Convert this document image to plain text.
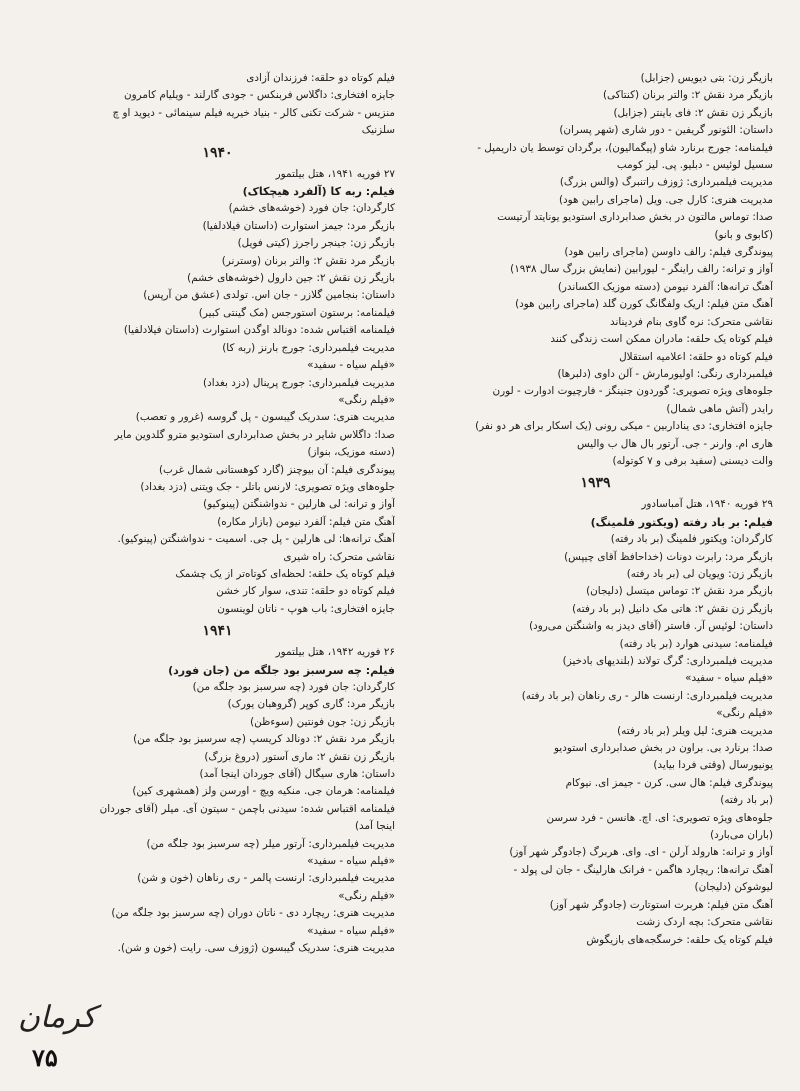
بازیگر زن: بتی دیویس (جزابل)
بازیگر مرد نقش ۲: والتر برنان (کنتاکی)
بازیگر زن نقش ۲: فای باینتر (جزابل)
داستان: الئونور گریفین - دور شاری (شهر پسران)
فیلمنامه: جورج برنارد شاو (پیگمالیون)، برگردان توسط یان داریمپل -
سسیل لوئیس - دبلیو. پی. لیز کومب
مدیریت فیلمبرداری: ژوزف راتنبرگ (والس بزرگ)
مدیریت هنری: کارل جی. ویل (ماجرای رابین هود)
صدا: توماس مالتون در بخش صدابرداری استودیو یونایتد آرتیست
(کابوی و بانو)
پیوندگری فیلم: رالف داوسن (ماجرای رابین هود)
آواز و ترانه: رالف راینگر - لیورابین (نمایش بزرگ سال ۱۹۳۸)
آهنگ ترانه‌ها: آلفرد نیومن (دسته موزیک الکساندر)
آهنگ متن فیلم: اریک ولفگانگ کورن گلد (ماجرای رابین هود)
نقاشی متحرک: نره گاوی بنام فردیناند
فیلم کوتاه یک حلقه: مادران ممکن است زندگی کنند
فیلم کوتاه دو حلقه: اعلامیه استقلال
فیلمبرداری رنگی: اولیورمارش - آلن داوی (دلبرها)
جلوه‌های ویژه تصویری: گوردون جنینگز - فارچیوت ادوارت - لورن
رایدر (آتش ماهی شمال)
جایزه افتخاری: دی یناداربین - میکی رونی (یک اسکار برای هر دو نفر)
هاری ام. وارنر - جی. آرتور بال هال ب والیس
والت دیسنی (سفید برفی و ۷ کوتوله)
۱۹۳۹
۲۹ فوریه ۱۹۴۰، هتل آمباسادور
فیلم: بر باد رفته (ویکتور فلمینگ)
کارگردان: ویکتور فلمینگ (بر باد رفته)
بازیگر مرد: رابرت دونات (خداحافظ آقای چیپس)
بازیگر زن: ویویان لی (بر باد رفته)
بازیگر مرد نقش ۲: توماس میتسل (دلیجان)
بازیگر زن نقش ۲: هاتی مک دانیل (بر باد رفته)
داستان: لوئیس آر. فاستر (آقای دیدز به واشنگتن می‌رود)
فیلمنامه: سیدنی هوارد (بر باد رفته)
مدیریت فیلمبرداری: گرگ تولاند (بلندیهای بادخیز)
«فیلم سیاه - سفید»
مدیریت فیلمبرداری: ارنست هالر - ری رناهان (بر باد رفته)
«فیلم رنگی»
مدیریت هنری: لیل ویلر (بر باد رفته)
صدا: برنارد بی. براون در بخش صدابرداری استودیو
یونیورسال (وقتی فردا بیاید)
پیوندگری فیلم: هال سی. کرن - جیمز ای. نیوکام
(بر باد رفته)
جلوه‌های ویژه تصویری: ای. اچ. هانسن - فرد سرسن
(باران می‌بارد)
آواز و ترانه: هارولد آرلن - ای. وای. هربرگ (جادوگر شهر آوز)
آهنگ ترانه‌ها: ریچارد هاگمن - فرانک هارلینگ - جان لی پولد -
لیوشوکن (دلیجان)
آهنگ متن فیلم: هربرت استوتارت (جادوگر شهر آوز)
نقاشی متحرک: بچه اردک زشت
فیلم کوتاه یک حلقه: خرسگجه‌های بازیگوش
فیلم کوتاه دو حلقه: فرزندان آزادی
جایزه افتخاری: داگلاس فربنکس - جودی گارلند - ویلیام کامرون
منزیس - شرکت تکنی کالر - بنیاد خیریه فیلم سینمائی - دیوید او چ
سلزنیک
۱۹۴۰
۲۷ فوریه ۱۹۴۱، هتل بیلتمور
فیلم: ربه کا (آلفرد هیچکاک)
کارگردان: جان فورد (خوشه‌های خشم)
بازیگر مرد: جیمز استوارت (داستان فیلادلفیا)
بازیگر زن: جینجر راجرز (کیتی فویل)
بازیگر مرد نقش ۲: والتر برنان (وسترنر)
بازیگر زن نقش ۲: جین دارول (خوشه‌های خشم)
داستان: بنجامین گلازر - جان اس. تولدی (عشق من آرپس)
فیلمنامه: برستون استورجس (مک گینتی کبیر)
فیلمنامه اقتباس شده: دونالد اوگدن استوارت (داستان فیلادلفیا)
مدیریت فیلمبرداری: جورج بارنز (ربه کا)
«فیلم سیاه - سفید»
مدیریت فیلمبرداری: جورج پرینال (دزد بغداد)
«فیلم رنگی»
مدیریت هنری: سدریک گیبسون - پل گروسه (غرور و تعصب)
صدا: داگلاس شایر در بخش صدابرداری استودیو مترو گلدوین مایر
(دسته موزیک، بنواز)
پیوندگری فیلم: آن بیوچنز (گارد کوهستانی شمال غرب)
جلوه‌های ویژه تصویری: لارنس باتلر - جک ویتنی (دزد بغداد)
آواز و ترانه: لی هارلین - ندواشنگتن (پینوکیو)
آهنگ متن فیلم: آلفرد نیومن (بازار مکاره)
آهنگ ترانه‌ها: لی هارلین - پل جی. اسمیت - ندواشنگتن (پینوکیو).
نقاشی متحرک: راه شیری
فیلم کوتاه یک حلقه: لحظه‌ای کوتاه‌تر از یک چشمک
فیلم کوتاه دو حلقه: تندی، سوار کار خشن
جایزه افتخاری: باب هوپ - ناتان لوینسون
۱۹۴۱
۲۶ فوریه ۱۹۴۲، هتل بیلتمور
فیلم: چه سرسبز بود جلگه من (جان فورد)
کارگردان: جان فورد (چه سرسبز بود جلگه من)
بازیگر مرد: گاری کوپر (گروهبان یورک)
بازیگر زن: جون فونتین (سوءظن)
بازیگر مرد نقش ۲: دونالد کریسپ (چه سرسبز بود جلگه من)
بازیگر زن نقش ۲: ماری آستور (دروغ بزرگ)
داستان: هاری سیگال (آقای جوردان اینجا آمد)
فیلمنامه: هرمان جی. منکیه ویچ - اورسن ولز (همشهری کین)
فیلمنامه اقتباس شده: سیدنی باچمن - سیتون آی. میلر (آقای جوردان
اینجا آمد)
مدیریت فیلمبرداری: آرتور میلر (چه سرسبز بود جلگه من)
«فیلم سیاه - سفید»
مدیریت فیلمبرداری: ارنست پالمر - ری رناهان (خون و شن)
«فیلم رنگی»
مدیریت هنری: ریچارد دی - ناتان دوران (چه سرسبز بود جلگه من)
«فیلم سیاه - سفید»
مدیریت هنری: سدریک گیبسون (ژوزف سی. رایت (خون و شن).
کرمان
۷۵
